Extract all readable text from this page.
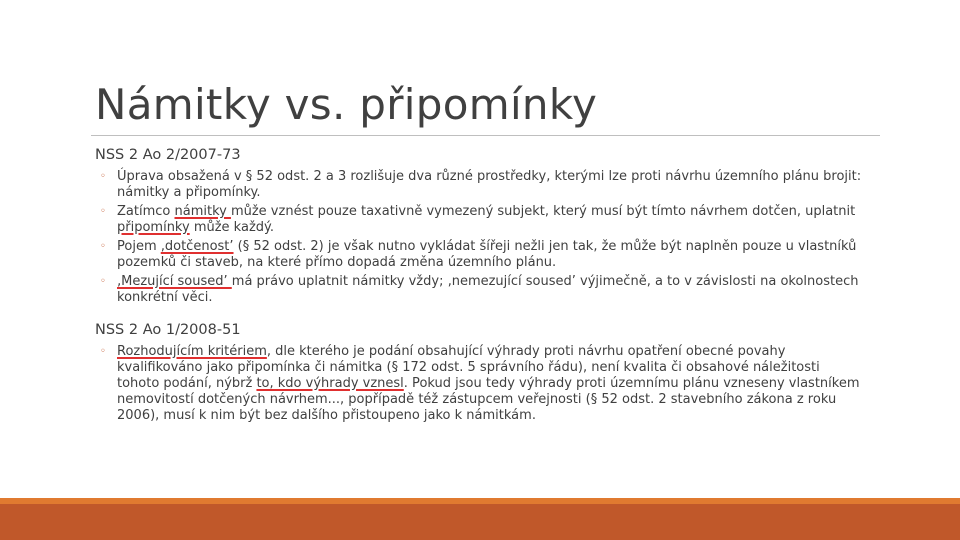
Námitky vs. připomínky

NSS 2 Ao 2/2007-73

◦ Úprava obsažená v § 52 odst. 2 a 3 rozlišuje dva různé prostředky, kterými lze proti návrhu územního plánu brojit: námitky a připomínky.
◦ Zatímco námitky může vznést pouze taxativně vymezený subjekt, který musí být tímto návrhem dotčen, uplatnit připomínky může každý.
◦ Pojem ‚dotčenost’ (§ 52 odst. 2) je však nutno vykládat šířeji nežli jen tak, že může být naplněn pouze u vlastníků pozemků či staveb, na které přímo dopadá změna územního plánu.
◦ ‚Mezující soused’ má právo uplatnit námitky vždy; ‚nemezující soused’ výjimečně, a to v závislosti na okolnostech konkrétní věci.

NSS 2 Ao 1/2008-51

◦ Rozhodujícím kritériem, dle kterého je podání obsahující výhrady proti návrhu opatření obecné povahy kvalifikováno jako připomínka či námitka (§ 172 odst. 5 správního řádu), není kvalita či obsahové náležitosti tohoto podání, nýbrž to, kdo výhrady vznesl. Pokud jsou tedy výhrady proti územnímu plánu vzneseny vlastníkem nemovitostí dotčených návrhem..., popřípadě též zástupcem veřejnosti (§ 52 odst. 2 stavebního zákona z roku 2006), musí k nim být bez dalšího přistoupeno jako k námitkám.
